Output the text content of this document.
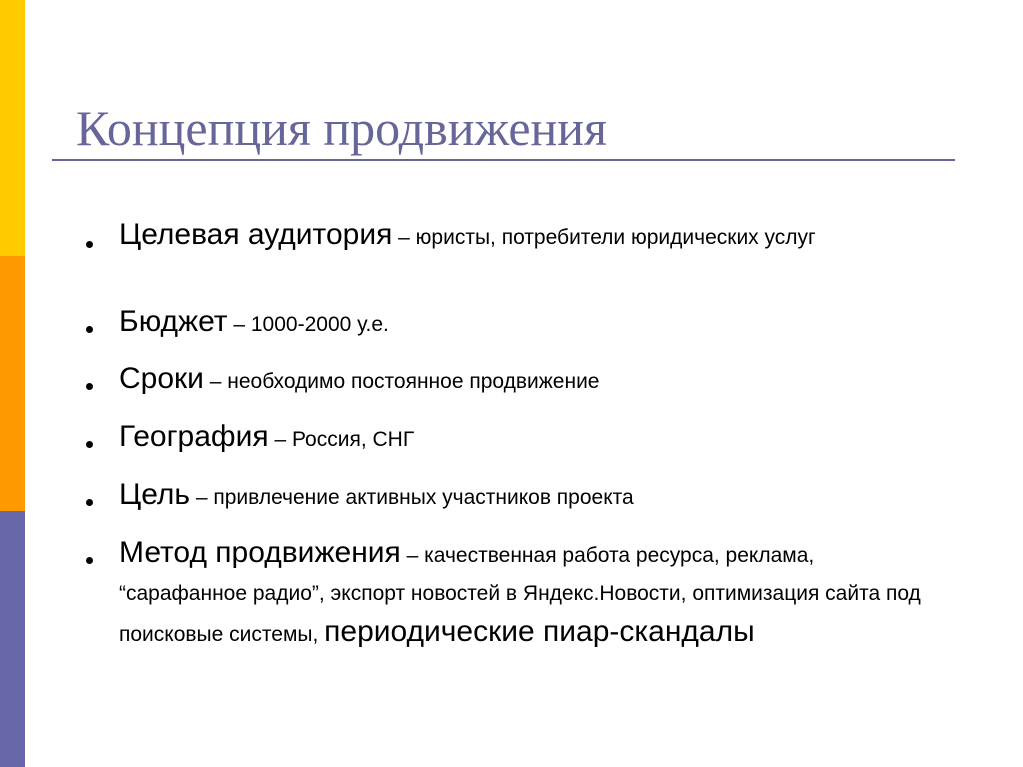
Концепция продвижения
Целевая аудитория – юристы, потребители юридических услуг
Бюджет – 1000-2000 у.е.
Сроки – необходимо постоянное продвижение
География – Россия, СНГ
Цель – привлечение активных участников проекта
Метод продвижения – качественная работа ресурса, реклама, “сарафанное радио”, экспорт новостей в Яндекс.Новости, оптимизация сайта под поисковые системы, периодические пиар-скандалы
